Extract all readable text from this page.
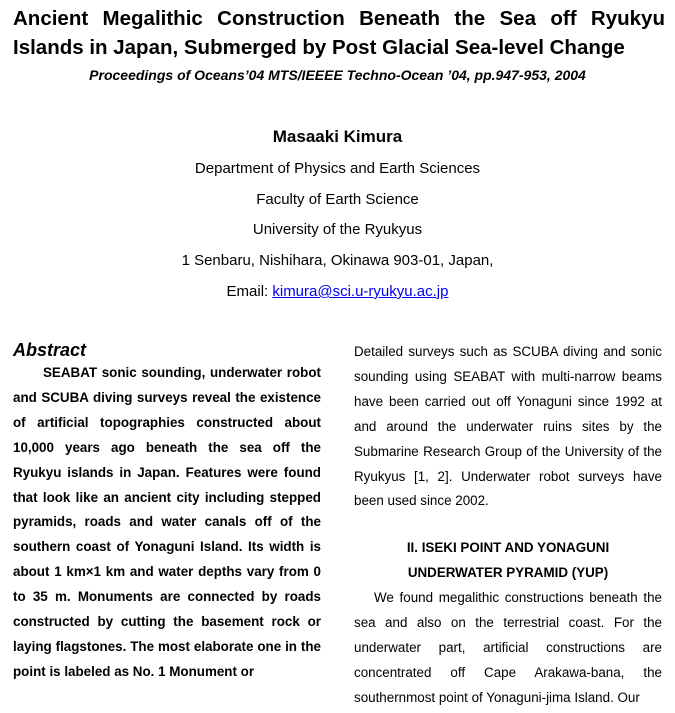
Ancient Megalithic Construction Beneath the Sea off Ryukyu
Islands in Japan, Submerged by Post Glacial Sea-level Change
Proceedings of Oceans’04 MTS/IEEEE Techno-Ocean ’04, pp.947-953, 2004
Masaaki Kimura
Department of Physics and Earth Sciences
Faculty of Earth Science
University of the Ryukyus
1 Senbaru, Nishihara, Okinawa 903-01, Japan,
Email: kimura@sci.u-ryukyu.ac.jp
Abstract

SEABAT sonic sounding, underwater robot and SCUBA diving surveys reveal the existence of artificial topographies constructed about 10,000 years ago beneath the sea off the Ryukyu islands in Japan. Features were found that look like an ancient city including stepped pyramids, roads and water canals off of the southern coast of Yonaguni Island. Its width is about 1 km×1 km and water depths vary from 0 to 35 m. Monuments are connected by roads constructed by cutting the basement rock or laying flagstones. The most elaborate one in the point is labeled as No. 1 Monument or

Detailed surveys such as SCUBA diving and sonic sounding using SEABAT with multi-narrow beams have been carried out off Yonaguni since 1992 at and around the underwater ruins sites by the Submarine Research Group of the University of the Ryukyus [1, 2]. Underwater robot surveys have been used since 2002.

II. ISEKI POINT AND YONAGUNI
UNDERWATER PYRAMID (YUP)

We found megalithic constructions beneath the sea and also on the terrestrial coast. For the underwater part, artificial constructions are concentrated off Cape Arakawa-bana, the southernmost point of Yonaguni-jima Island. Our
